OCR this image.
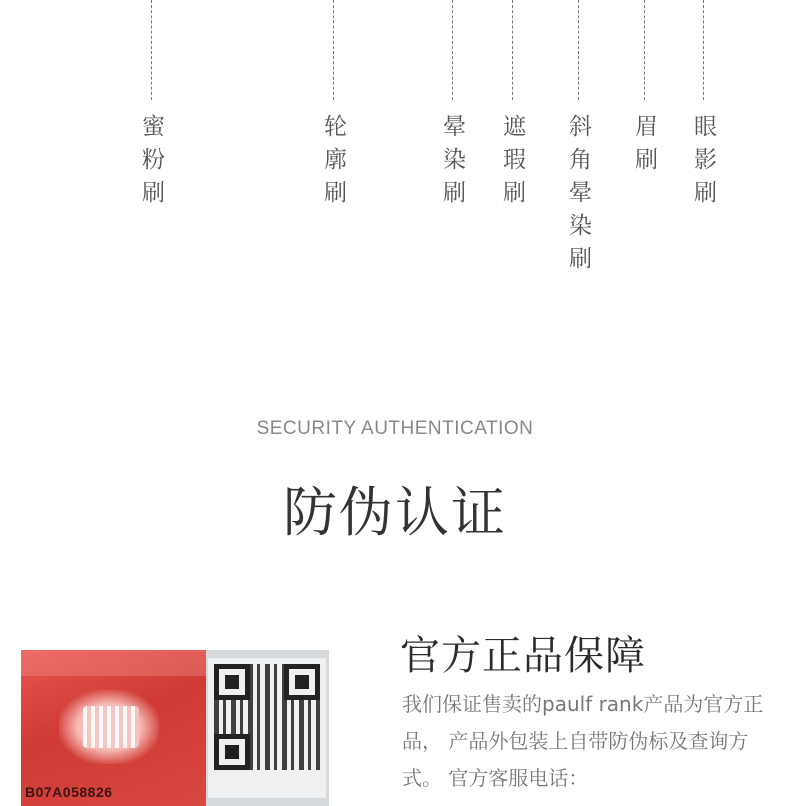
蜜粉刷	轮廓刷	晕染刷 遮瑕刷 斜角晕染刷 眉刷 眼影刷
SECURITY AUTHENTICATION
防伪认证
B07A058826
官方正品保障
我们保证售卖的paulf rank产品为官方正品， 产品外包装上自带防伪标及查询方式。 官方客服电话：
